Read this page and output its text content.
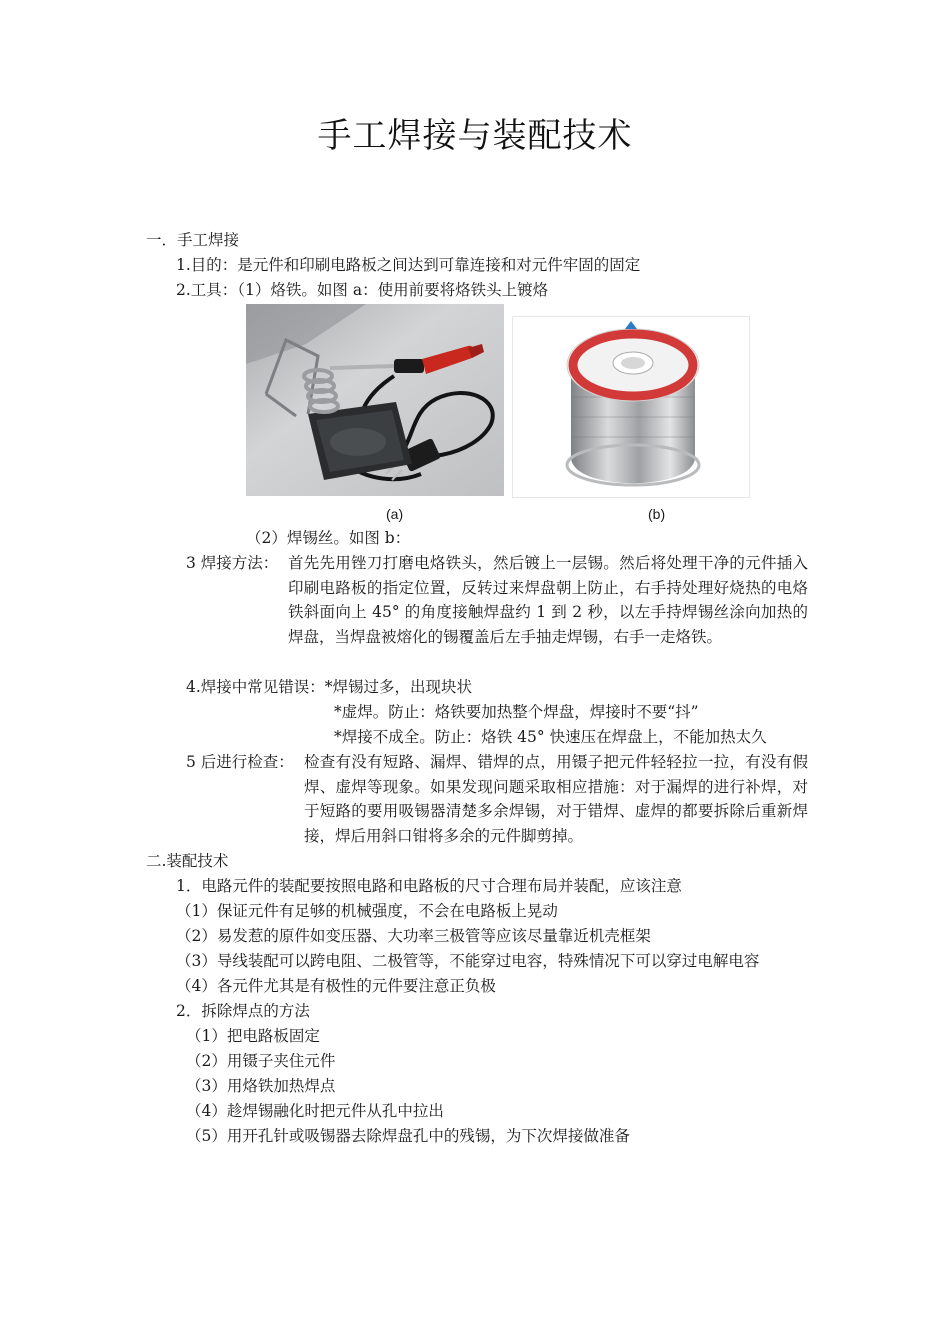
手工焊接与装配技术
一．手工焊接
1.目的：是元件和印刷电路板之间达到可靠连接和对元件牢固的固定
2.工具：（1）烙铁。如图 a：使用前要将烙铁头上镀烙
(a)	(b)
（2）焊锡丝。如图 b：
3 焊接方法： 首先先用锉刀打磨电烙铁头，然后镀上一层锡。然后将处理干净的元件插入印刷电路板的指定位置，反转过来焊盘朝上防止，右手持处理好烧热的电烙铁斜面向上 45° 的角度接触焊盘约 1 到 2 秒，以左手持焊锡丝涂向加热的焊盘，当焊盘被熔化的锡覆盖后左手抽走焊锡，右手一走烙铁。
4.焊接中常见错误：*焊锡过多，出现块状
*虚焊。防止：烙铁要加热整个焊盘，焊接时不要“抖”
*焊接不成全。防止：烙铁 45° 快速压在焊盘上，不能加热太久
5 后进行检查： 检查有没有短路、漏焊、错焊的点，用镊子把元件轻轻拉一拉，有没有假焊、虚焊等现象。如果发现问题采取相应措施：对于漏焊的进行补焊，对于短路的要用吸锡器清楚多余焊锡，对于错焊、虚焊的都要拆除后重新焊接，焊后用斜口钳将多余的元件脚剪掉。
二.装配技术
1．电路元件的装配要按照电路和电路板的尺寸合理布局并装配，应该注意
（1）保证元件有足够的机械强度，不会在电路板上晃动
（2）易发惹的原件如变压器、大功率三极管等应该尽量靠近机壳框架
（3）导线装配可以跨电阻、二极管等，不能穿过电容，特殊情况下可以穿过电解电容
（4）各元件尤其是有极性的元件要注意正负极
2．拆除焊点的方法
（1）把电路板固定
（2）用镊子夹住元件
（3）用烙铁加热焊点
（4）趁焊锡融化时把元件从孔中拉出
（5）用开孔针或吸锡器去除焊盘孔中的残锡，为下次焊接做准备
